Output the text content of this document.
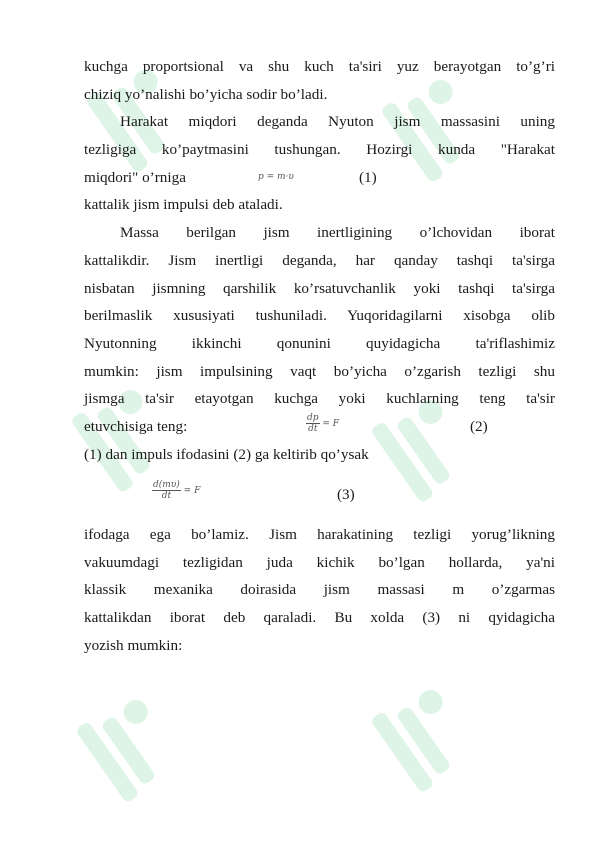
kuchga proportsional va shu kuch ta'siri yuz berayotgan to’g’ri
chiziq yo’nalishi bo’yicha sodir bo’ladi.
Harakat miqdori deganda Nyuton jism massasini uning
tezligiga ko’paytmasini tushungan. Hozirgi kunda "Harakat
miqdori" o’rniga	p = m·υ	(1)
kattalik jism impulsi deb ataladi.
Massa berilgan jism inertligining o’lchovidan iborat
kattalikdir. Jism inertligi deganda, har qanday tashqi ta'sirga
nisbatan jismning qarshilik ko’rsatuvchanlik yoki tashqi ta'sirga
berilmaslik xususiyati tushuniladi. Yuqoridagilarni xisobga olib
Nyutonning ikkinchi qonunini quyidagicha ta'riflashimiz
mumkin: jism impulsining vaqt bo’yicha o’zgarish tezligi shu
jismga ta'sir etayotgan kuchga yoki kuchlarning teng ta'sir
etuvchisiga teng:	$\frac{dp}{dt} = F$	(2)
(1) dan impuls ifodasini (2) ga keltirib qo’ysak
$\frac{d(m\upsilon)}{dt} = F$	(3)
ifodaga ega bo’lamiz. Jism harakatining tezligi yorug’likning
vakuumdagi tezligidan juda kichik bo’lgan hollarda, ya'ni
klassik mexanika doirasida jism massasi m o’zgarmas
kattalikdan iborat deb qaraladi. Bu xolda (3) ni qyidagicha
yozish mumkin:
